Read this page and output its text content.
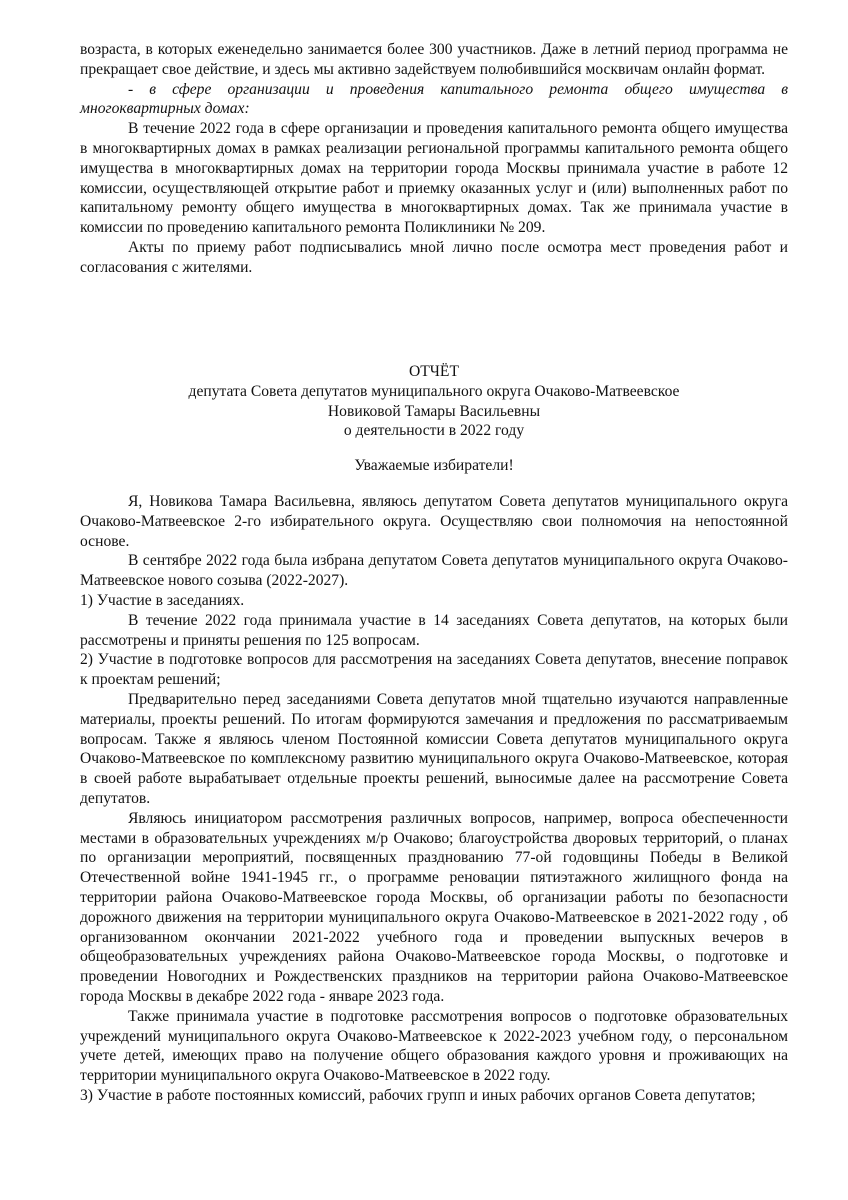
возраста, в которых еженедельно занимается более 300 участников. Даже в летний период программа не прекращает свое действие, и здесь мы активно задействуем полюбившийся москвичам онлайн формат.

- в сфере организации и проведения капитального ремонта общего имущества в многоквартирных домах:

В течение 2022 года в сфере организации и проведения капитального ремонта общего имущества в многоквартирных домах в рамках реализации региональной программы капитального ремонта общего имущества в многоквартирных домах на территории города Москвы принимала участие в работе 12 комиссии, осуществляющей открытие работ и приемку оказанных услуг и (или) выполненных работ по капитальному ремонту общего имущества в многоквартирных домах. Так же принимала участие в комиссии по проведению капитального ремонта Поликлиники № 209.

Акты по приему работ подписывались мной лично после осмотра мест проведения работ и согласования с жителями.

ОТЧЁТ

депутата Совета депутатов муниципального округа Очаково-Матвеевское

Новиковой Тамары Васильевны

о деятельности в 2022 году

Уважаемые избиратели!

Я, Новикова Тамара Васильевна, являюсь депутатом Совета депутатов муниципального округа Очаково-Матвеевское 2-го избирательного округа. Осуществляю свои полномочия на непостоянной основе.

В сентябре 2022 года была избрана депутатом Совета депутатов муниципального округа Очаково-Матвеевское нового созыва (2022-2027).

1) Участие в заседаниях.

В течение 2022 года принимала участие в 14 заседаниях Совета депутатов, на которых были рассмотрены и приняты решения по 125 вопросам.

2) Участие в подготовке вопросов для рассмотрения на заседаниях Совета депутатов, внесение поправок к проектам решений;

Предварительно перед заседаниями Совета депутатов мной тщательно изучаются направленные материалы, проекты решений. По итогам формируются замечания и предложения по рассматриваемым вопросам. Также я являюсь членом Постоянной комиссии Совета депутатов муниципального округа Очаково-Матвеевское по комплексному развитию муниципального округа Очаково-Матвеевское, которая в своей работе вырабатывает отдельные проекты решений, выносимые далее на рассмотрение Совета депутатов.

Являюсь инициатором рассмотрения различных вопросов, например, вопроса обеспеченности местами в образовательных учреждениях м/р Очаково; благоустройства дворовых территорий, о планах по организации мероприятий, посвященных празднованию 77-ой годовщины Победы в Великой Отечественной войне 1941-1945 гг., о программе реновации пятиэтажного жилищного фонда на территории района Очаково-Матвеевское города Москвы, об организации работы по безопасности дорожного движения на территории муниципального округа Очаково-Матвеевское в 2021-2022 году , об организованном окончании 2021-2022 учебного года и проведении выпускных вечеров в общеобразовательных учреждениях района Очаково-Матвеевское города Москвы, о подготовке и проведении Новогодних и Рождественских праздников на территории района Очаково-Матвеевское города Москвы в декабре 2022 года - январе 2023 года.

Также принимала участие в подготовке рассмотрения вопросов о подготовке образовательных учреждений муниципального округа Очаково-Матвеевское к 2022-2023 учебном году, о персональном учете детей, имеющих право на получение общего образования каждого уровня и проживающих на территории муниципального округа Очаково-Матвеевское в 2022 году.

3) Участие в работе постоянных комиссий, рабочих групп и иных рабочих органов Совета депутатов;
